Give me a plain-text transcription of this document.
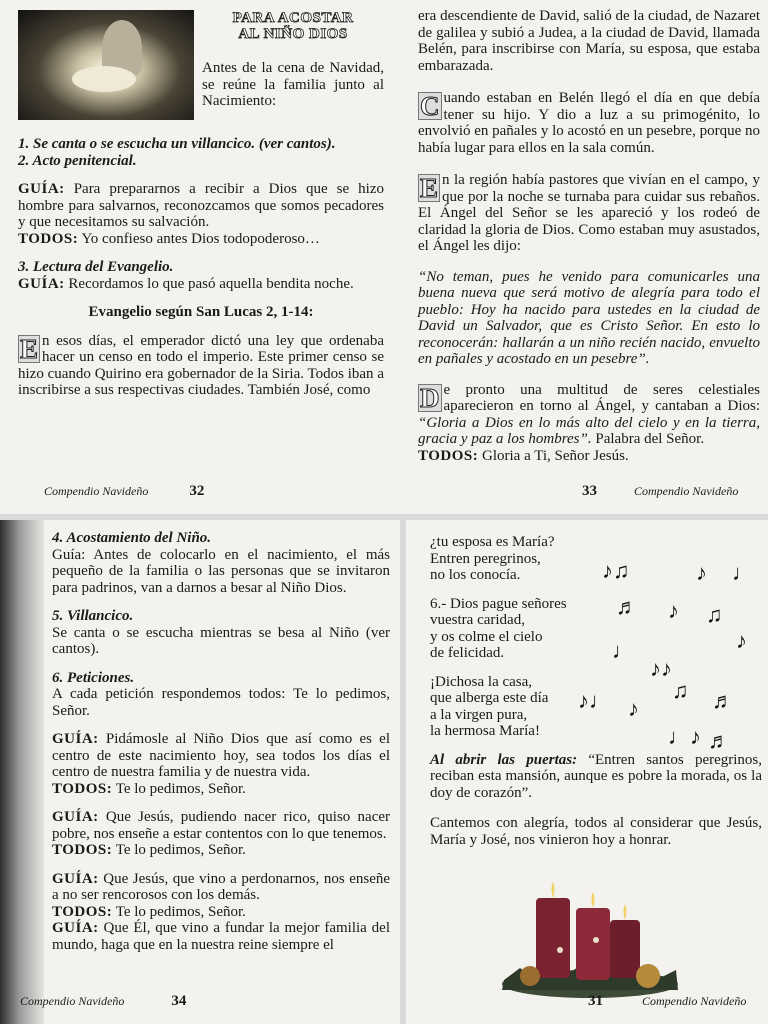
PARA ACOSTAR
AL NIÑO DIOS

Antes de la cena de Navidad, se reúne la familia junto al Nacimiento:

1. Se canta o se escucha un villancico. (ver cantos).

2. Acto penitencial.

GUÍA: Para prepararnos a recibir a Dios que se hizo hombre para salvarnos, reconozcamos que somos pecadores y que necesitamos su salvación.

TODOS: Yo confieso antes Dios todopoderoso…

3. Lectura del Evangelio.

GUÍA: Recordamos lo que pasó aquella bendita noche.

Evangelio según San Lucas 2, 1-14:

E n esos días, el emperador dictó una ley que ordenaba hacer un censo en todo el imperio. Este primer censo se hizo cuando Quirino era gobernador de la Siria. Todos iban a inscribirse a sus respectivas ciudades. También José, como

Compendio Navideño	32

era descendiente de David, salió de la ciudad, de Nazaret de galilea y subió a Judea, a la ciudad de David, llamada Belén, para inscribirse con María, su esposa, que estaba embarazada.

C uando estaban en Belén llegó el día en que debía tener su hijo. Y dio a luz a su primogénito, lo envolvió en pañales y lo acostó en un pesebre, porque no había lugar para ellos en la sala común.

E n la región había pastores que vivían en el campo, y que por la noche se turnaba para cuidar sus rebaños. El Ángel del Señor se les apareció y los rodeó de claridad la gloria de Dios. Como estaban muy asustados, el Ángel les dijo:

“No teman, pues he venido para comunicarles una buena nueva que será motivo de alegría para todo el pueblo: Hoy ha nacido para ustedes en la ciudad de David un Salvador, que es Cristo Señor. En esto lo reconocerán: hallarán a un niño recién nacido, envuelto en pañales y acostado en un pesebre”.

D e pronto una multitud de seres celestiales aparecieron en torno al Ángel, y cantaban a Dios: “Gloria a Dios en lo más alto del cielo y en la tierra, gracia y paz a los hombres”. Palabra del Señor.

TODOS: Gloria a Ti, Señor Jesús.

33	Compendio Navideño

4. Acostamiento del Niño.

Guía: Antes de colocarlo en el nacimiento, el más pequeño de la familia o las personas que se invitaron para padrinos, van a darnos a besar al Niño Dios.

5. Villancico.

Se canta o se escucha mientras se besa al Niño (ver cantos).

6. Peticiones.

A cada petición respondemos todos: Te lo pedimos, Señor.

GUÍA: Pidámosle al Niño Dios que así como es el centro de este nacimiento hoy, sea todos los días el centro de nuestra familia y de nuestra vida.

TODOS: Te lo pedimos, Señor.

GUÍA: Que Jesús, pudiendo nacer rico, quiso nacer pobre, nos enseñe a estar contentos con lo que tenemos.

TODOS: Te lo pedimos, Señor.

GUÍA: Que Jesús, que vino a perdonarnos, nos enseñe a no ser rencorosos con los demás.

TODOS: Te lo pedimos, Señor.

GUÍA: Que Él, que vino a fundar la mejor familia del mundo, haga que en la nuestra reine siempre el

Compendio Navideño	34

¿tu esposa es María?

Entren peregrinos,

no los conocía.

6.- Dios pague señores

vuestra caridad,

y os colme el cielo

de felicidad.

¡Dichosa la casa,

que alberga este día

a la virgen pura,

la hermosa María!

Al abrir las puertas: “Entren santos peregrinos, reciban esta mansión, aunque es pobre la morada, os la doy de corazón”.

Cantemos con alegría, todos al considerar que Jesús, María y José, nos vinieron hoy a honrar.

♪♫	♪ ♩
♬ ♪ ♫
♪
♩
♪♪
♫
♪♩ ♪	♬
♩♪ ♬
31	Compendio Navideño
